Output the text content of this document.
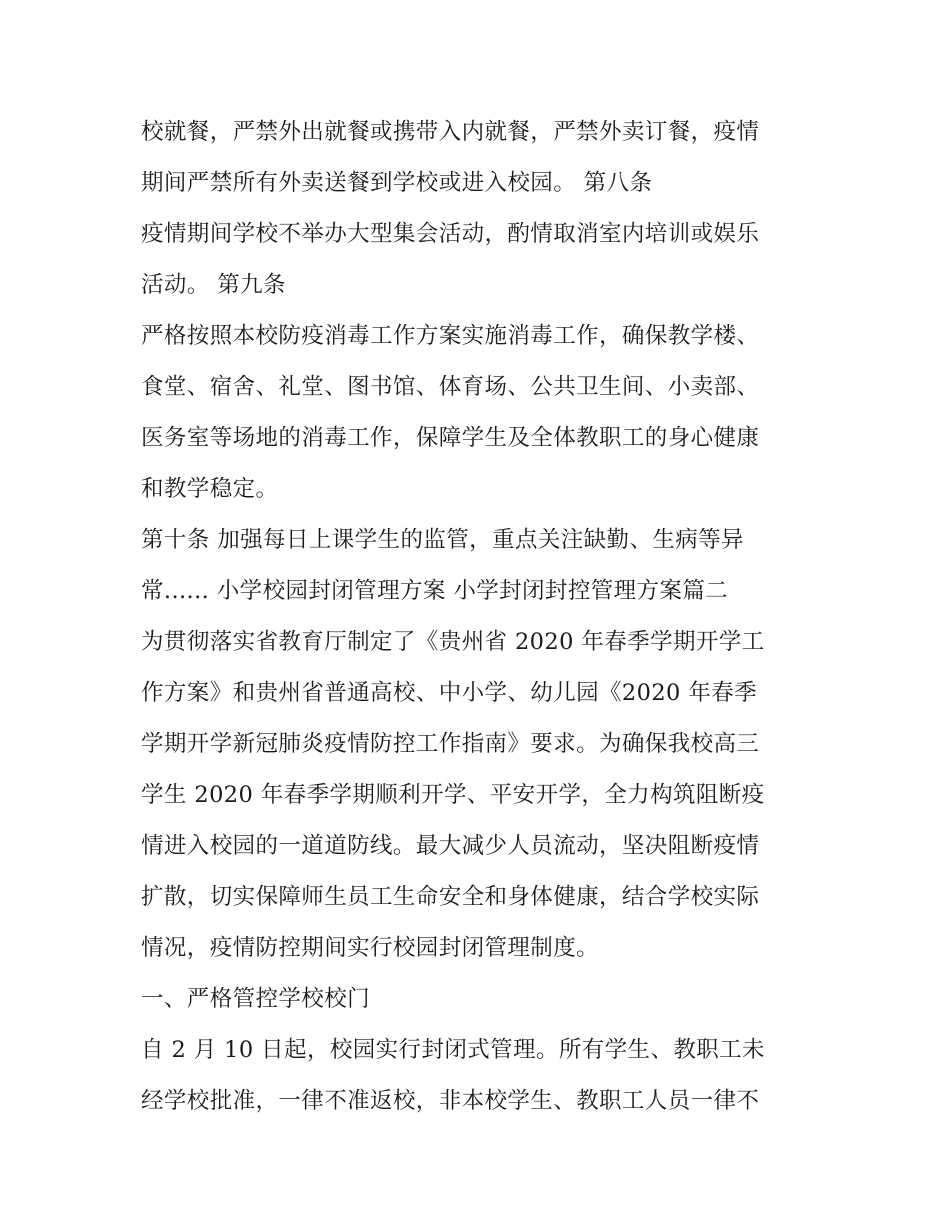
校就餐，严禁外出就餐或携带入内就餐，严禁外卖订餐，疫情
期间严禁所有外卖送餐到学校或进入校园。 第八条
疫情期间学校不举办大型集会活动，酌情取消室内培训或娱乐
活动。 第九条
严格按照本校防疫消毒工作方案实施消毒工作，确保教学楼、
食堂、宿舍、礼堂、图书馆、体育场、公共卫生间、小卖部、
医务室等场地的消毒工作，保障学生及全体教职工的身心健康
和教学稳定。
第十条 加强每日上课学生的监管，重点关注缺勤、生病等异
常...... 小学校园封闭管理方案 小学封闭封控管理方案篇二
为贯彻落实省教育厅制定了《贵州省 2020 年春季学期开学工
作方案》和贵州省普通高校、中小学、幼儿园《2020 年春季
学期开学新冠肺炎疫情防控工作指南》要求。为确保我校高三
学生 2020 年春季学期顺利开学、平安开学，全力构筑阻断疫
情进入校园的一道道防线。最大减少人员流动，坚决阻断疫情
扩散，切实保障师生员工生命安全和身体健康，结合学校实际
情况，疫情防控期间实行校园封闭管理制度。
一、严格管控学校校门
自 2 月 10 日起，校园实行封闭式管理。所有学生、教职工未
经学校批准，一律不准返校，非本校学生、教职工人员一律不
